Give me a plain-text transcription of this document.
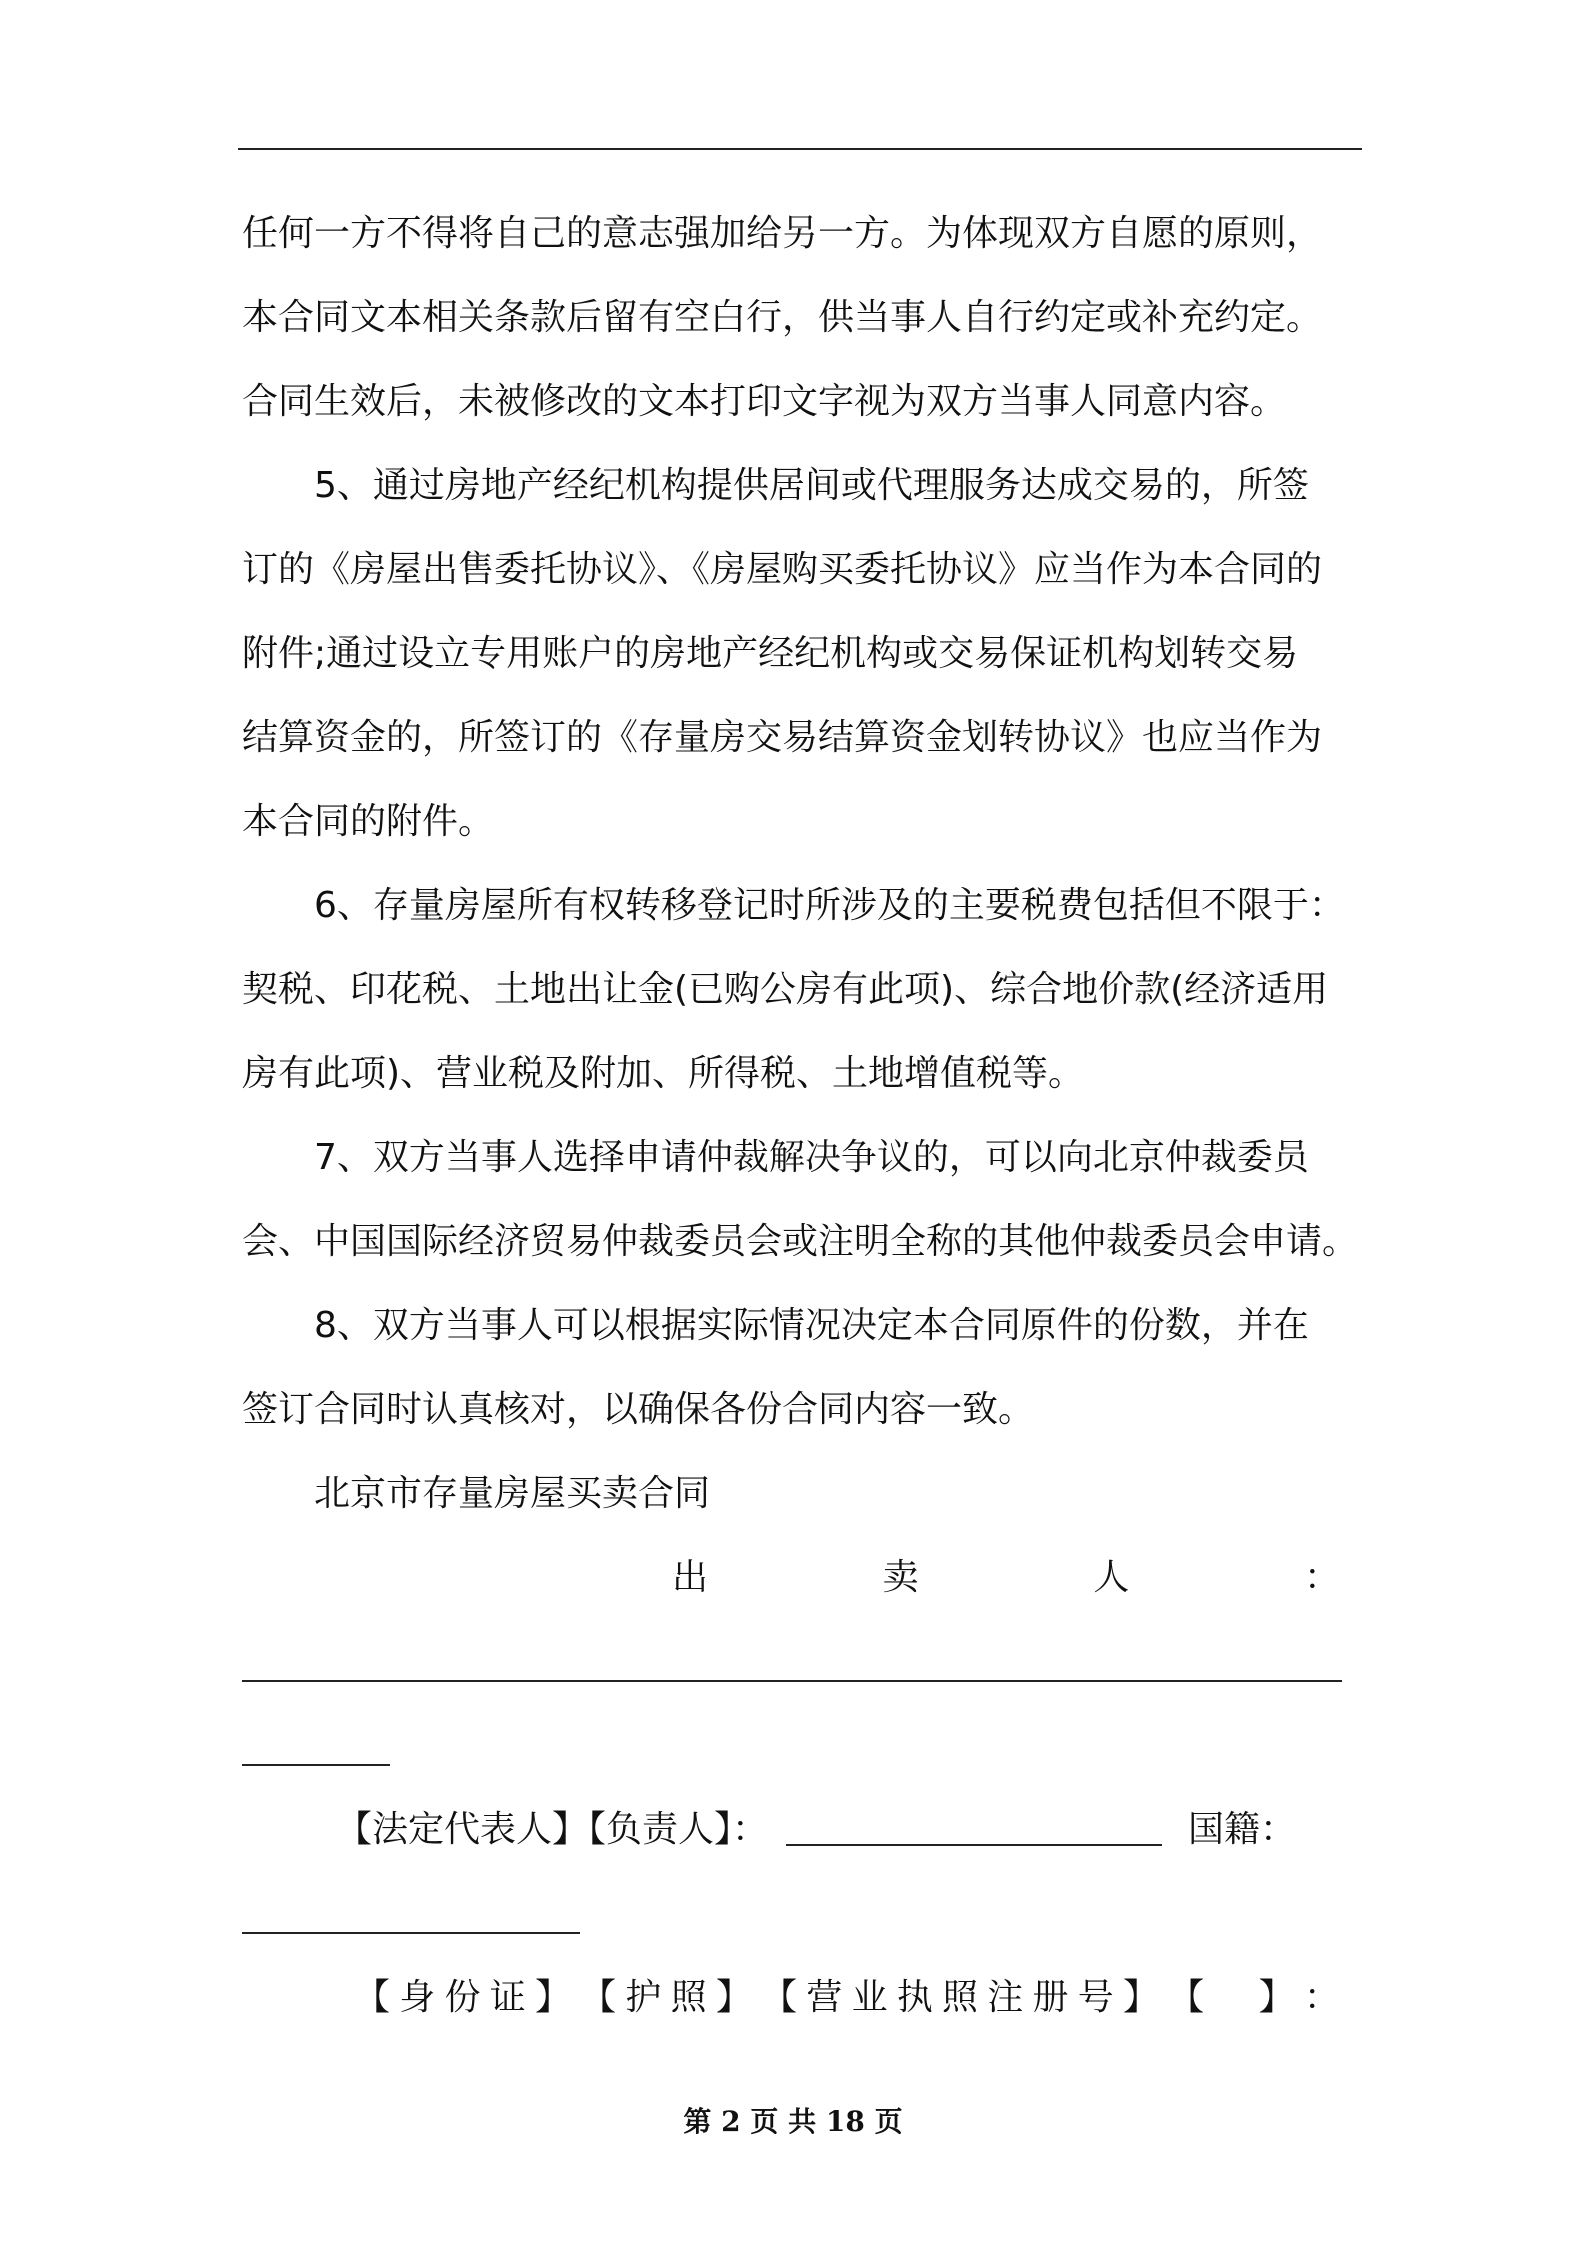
任何一方不得将自己的意志强加给另一方。为体现双方自愿的原则，
本合同文本相关条款后留有空白行，供当事人自行约定或补充约定。
合同生效后，未被修改的文本打印文字视为双方当事人同意内容。
5、通过房地产经纪机构提供居间或代理服务达成交易的，所签
订的《房屋出售委托协议》、《房屋购买委托协议》应当作为本合同的
附件;通过设立专用账户的房地产经纪机构或交易保证机构划转交易
结算资金的，所签订的《存量房交易结算资金划转协议》也应当作为
本合同的附件。
6、存量房屋所有权转移登记时所涉及的主要税费包括但不限于：
契税、印花税、土地出让金(已购公房有此项)、综合地价款(经济适用
房有此项)、营业税及附加、所得税、土地增值税等。
7、双方当事人选择申请仲裁解决争议的，可以向北京仲裁委员
会、中国国际经济贸易仲裁委员会或注明全称的其他仲裁委员会申请。
8、双方当事人可以根据实际情况决定本合同原件的份数，并在
签订合同时认真核对，以确保各份合同内容一致。
北京市存量房屋买卖合同
出	卖	人	：
【法定代表人】【负责人】：	国籍：
【 身 份 证 】 【 护 照 】 【 营 业 执 照 注 册 号 】 【 】 ：
第 2 页 共 18 页
